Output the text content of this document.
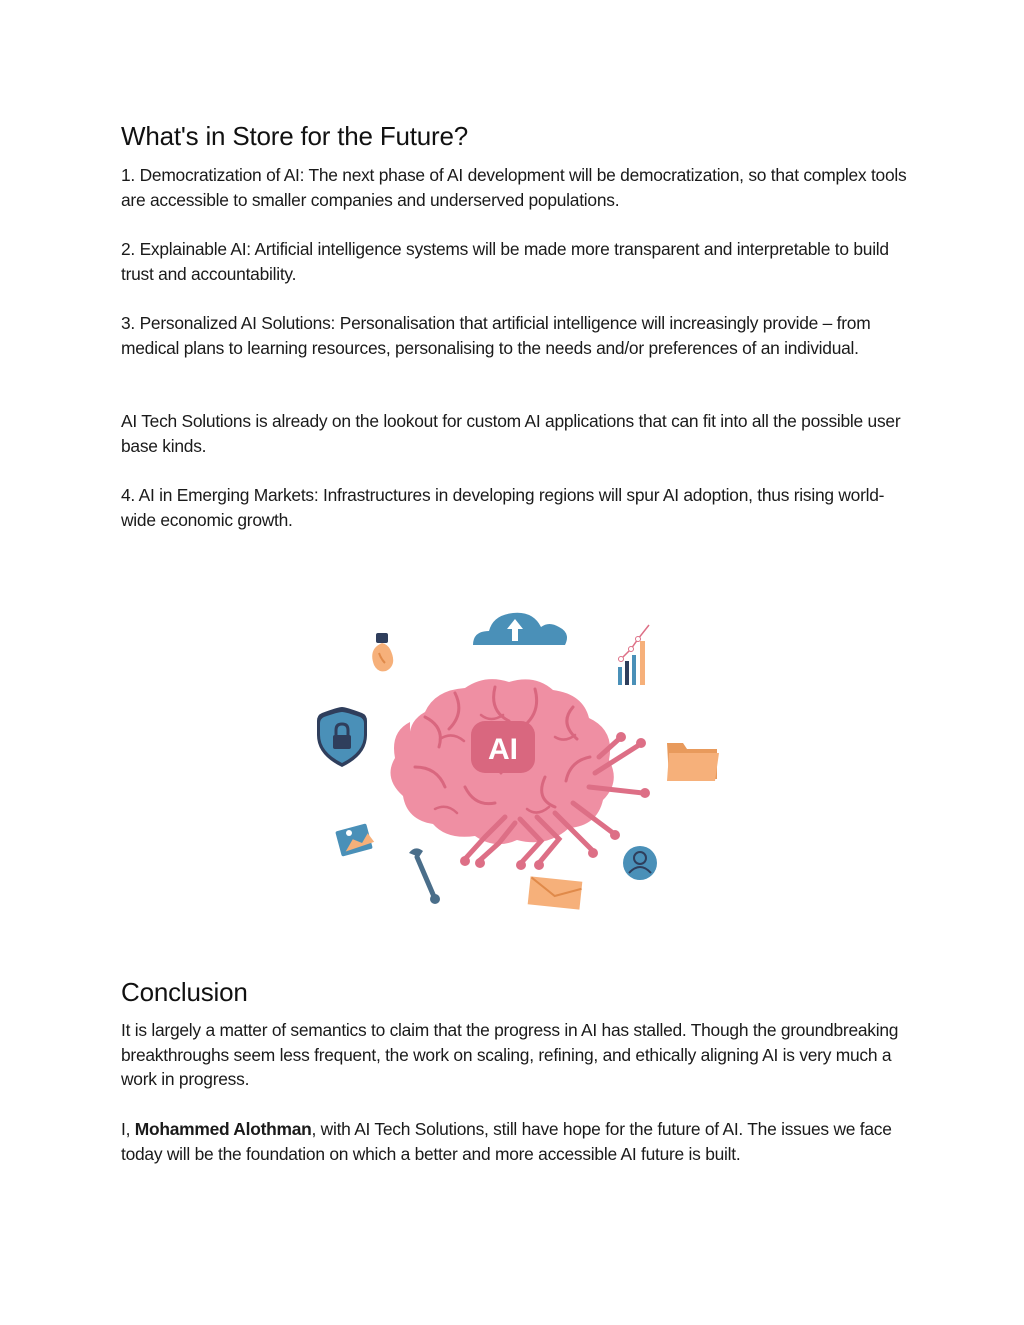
What's in Store for the Future?

1. Democratization of AI: The next phase of AI development will be democratization, so that complex tools are accessible to smaller companies and underserved populations.

2. Explainable AI: Artificial intelligence systems will be made more transparent and interpretable to build trust and accountability.

3. Personalized AI Solutions: Personalisation that artificial intelligence will increasingly provide – from medical plans to learning resources, personalising to the needs and/or preferences of an individual.

AI Tech Solutions is already on the lookout for custom AI applications that can fit into all the possible user base kinds.

4. AI in Emerging Markets: Infrastructures in developing regions will spur AI adoption, thus rising world-wide economic growth.

AI
Conclusion

It is largely a matter of semantics to claim that the progress in AI has stalled. Though the groundbreaking breakthroughs seem less frequent, the work on scaling, refining, and ethically aligning AI is very much a work in progress.

I, Mohammed Alothman, with AI Tech Solutions, still have hope for the future of AI. The issues we face today will be the foundation on which a better and more accessible AI future is built.
